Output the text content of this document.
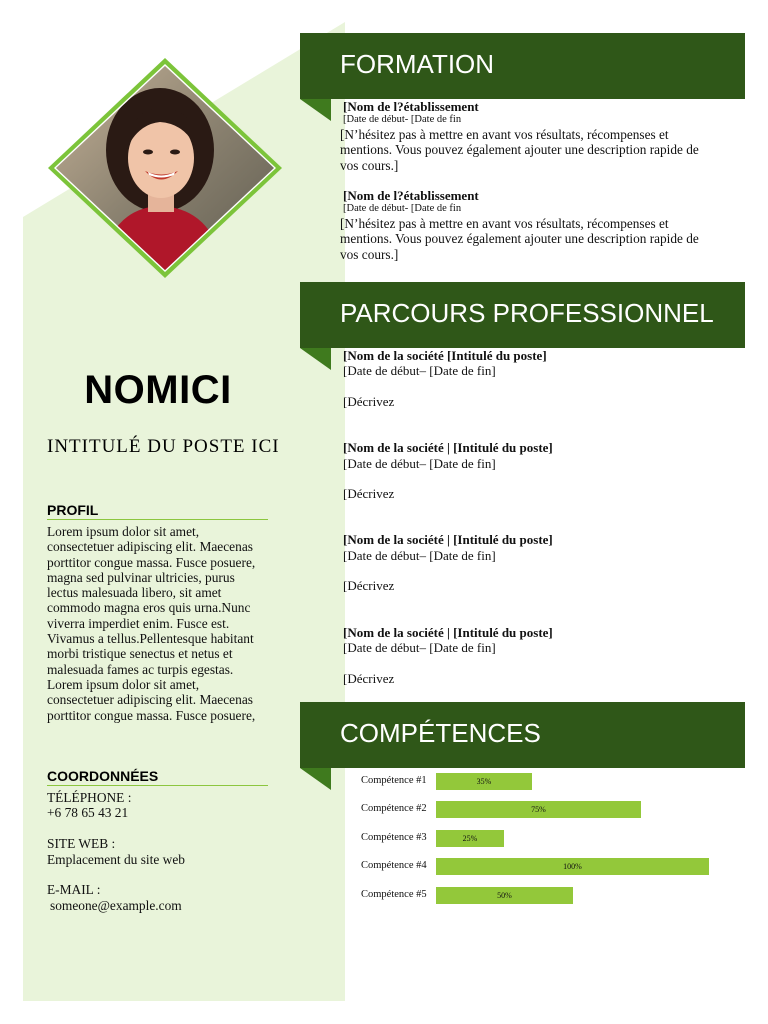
NOMICI
INTITULÉ DU POSTE ICI
PROFIL
Lorem ipsum dolor sit amet, consectetuer adipiscing elit. Maecenas porttitor congue massa. Fusce posuere, magna sed pulvinar ultricies, purus lectus malesuada libero, sit amet commodo magna eros quis urna.Nunc viverra imperdiet enim. Fusce est. Vivamus a tellus.Pellentesque habitant morbi tristique senectus et netus et malesuada fames ac turpis egestas. Lorem ipsum dolor sit amet, consectetuer adipiscing elit. Maecenas porttitor congue massa. Fusce posuere,
COORDONNÉES
TÉLÉPHONE :
+6 78 65 43 21
SITE WEB :
Emplacement du site web
E-MAIL :
someone@example.com
FORMATION
[Nom de l?établissement
[Date de début- [Date de fin
[N’hésitez pas à mettre en avant vos résultats, récompenses et mentions. Vous pouvez également ajouter une description rapide de vos cours.]
[Nom de l?établissement
[Date de début- [Date de fin
[N’hésitez pas à mettre en avant vos résultats, récompenses et mentions. Vous pouvez également ajouter une description rapide de vos cours.]
PARCOURS PROFESSIONNEL
[Nom de la société [Intitulé du poste]
[Date de début– [Date de fin]
[Décrivez
[Nom de la société | [Intitulé du poste]
[Date de début– [Date de fin]
[Décrivez
[Nom de la société | [Intitulé du poste]
[Date de début– [Date de fin]
[Décrivez
[Nom de la société | [Intitulé du poste]
[Date de début– [Date de fin]
[Décrivez
COMPÉTENCES
Compétence #1	35%
Compétence #2	75%
Compétence #3	25%
Compétence #4	100%
Compétence #5	50%
